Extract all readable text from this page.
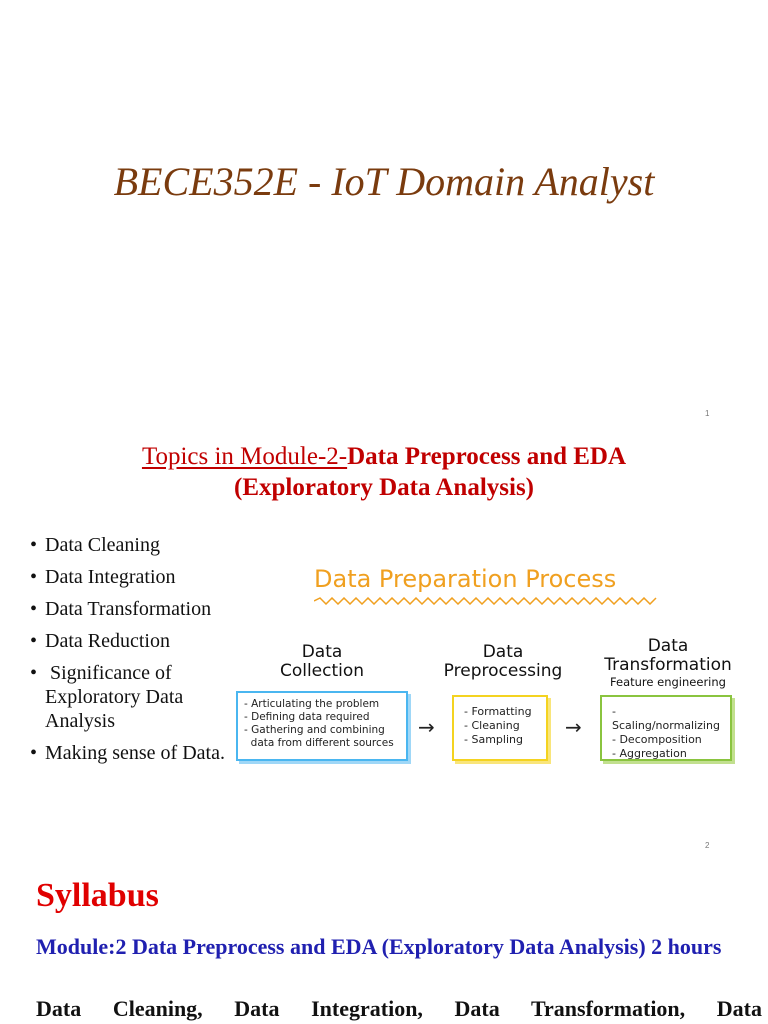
BECE352E - IoT Domain Analyst
1
Topics in Module-2-Data Preprocess and EDA
(Exploratory Data Analysis)
• Data Cleaning
• Data Integration
• Data Transformation
• Data Reduction
• Significance of Exploratory Data Analysis
• Making sense of Data.
Data Preparation Process
Data
Collection
- Articulating the problem
- Defining data required
- Gathering and combining
data from different sources
→
Data
Preprocessing
- Formatting
- Cleaning
- Sampling
→
Data
Transformation
Feature engineering
- Scaling/normalizing
- Decomposition
- Aggregation
2
Syllabus
Module:2 Data Preprocess and EDA (Exploratory Data Analysis) 2 hours
Data Cleaning, Data Integration, Data Transformation, Data
